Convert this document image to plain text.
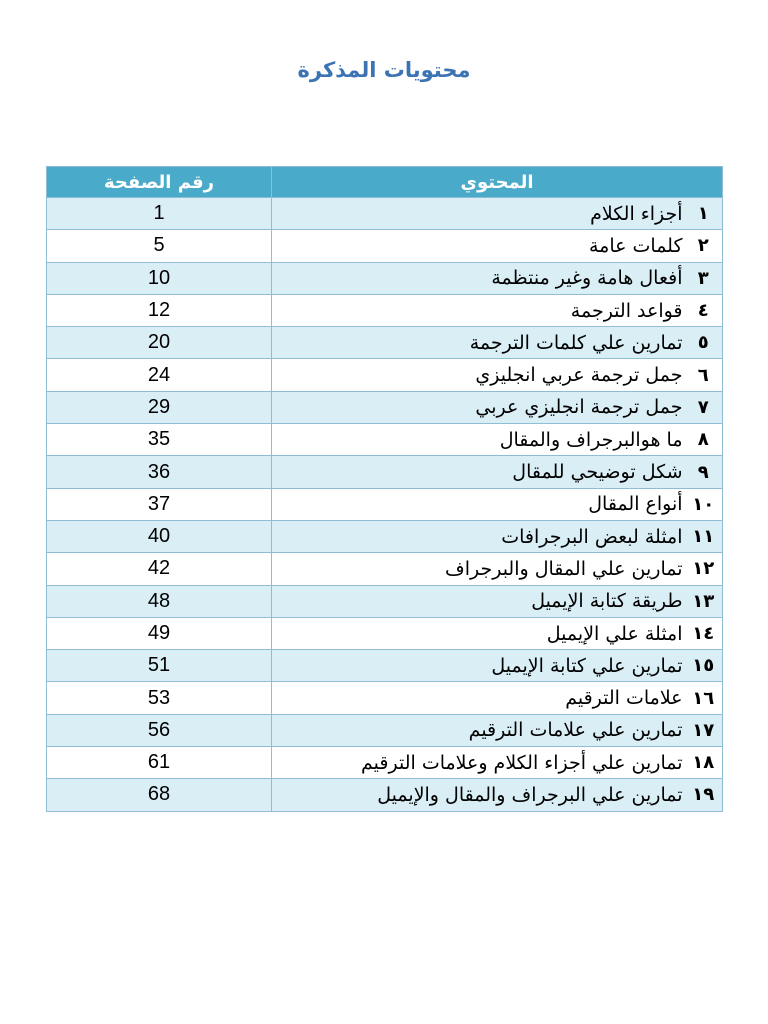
محتويات المذكرة
المحتوي		رقم الصفحة
١	أجزاء الكلام	1
٢	كلمات عامة	5
٣	أفعال هامة وغير منتظمة	10
٤	قواعد الترجمة	12
٥	تمارين علي كلمات الترجمة	20
٦	جمل ترجمة عربي انجليزي	24
٧	جمل ترجمة انجليزي عربي	29
٨	ما هوالبرجراف والمقال	35
٩	شكل توضيحي للمقال	36
١٠	أنواع المقال	37
١١	امثلة لبعض البرجرافات	40
١٢	تمارين علي المقال والبرجراف	42
١٣	طريقة كتابة الإيميل	48
١٤	امثلة علي الإيميل	49
١٥	تمارين علي كتابة الإيميل	51
١٦	علامات الترقيم	53
١٧	تمارين علي علامات الترقيم	56
١٨	تمارين علي أجزاء الكلام وعلامات الترقيم	61
١٩	تمارين علي البرجراف والمقال والإيميل	68
